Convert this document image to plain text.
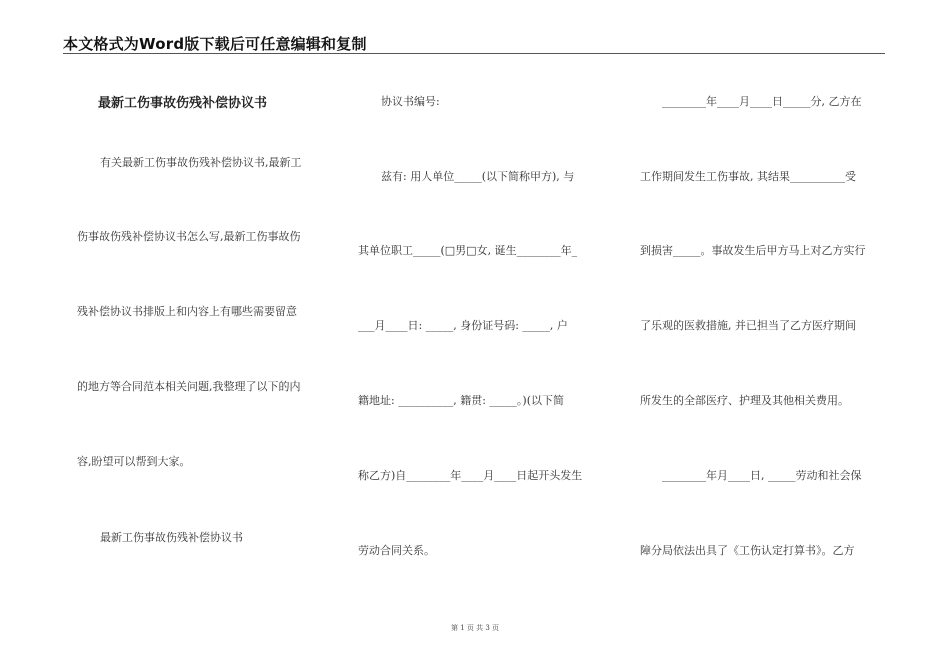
本文格式为Word版下载后可任意编辑和复制
最新工伤事故伤残补偿协议书
有关最新工伤事故伤残补偿协议书,最新工
伤事故伤残补偿协议书怎么写,最新工伤事故伤
残补偿协议书排版上和内容上有哪些需要留意
的地方等合同范本相关问题,我整理了以下的内
容,盼望可以帮到大家。
最新工伤事故伤残补偿协议书
协议书编号:
兹有: 用人单位_____(以下简称甲方), 与
其单位职工_____(□男□女, 诞生________年_
___月____日: _____, 身份证号码: _____, 户
籍地址: __________, 籍贯: _____。)(以下简
称乙方)自________年____月____日起开头发生
劳动合同关系。
________年____月____日_____分, 乙方在
工作期间发生工伤事故, 其结果__________受
到损害_____。事故发生后甲方马上对乙方实行
了乐观的医救措施, 并已担当了乙方医疗期间
所发生的全部医疗、护理及其他相关费用。
________年月____日, _____劳动和社会保
障分局依法出具了《工伤认定打算书》。乙方
第 1 页 共 3 页
